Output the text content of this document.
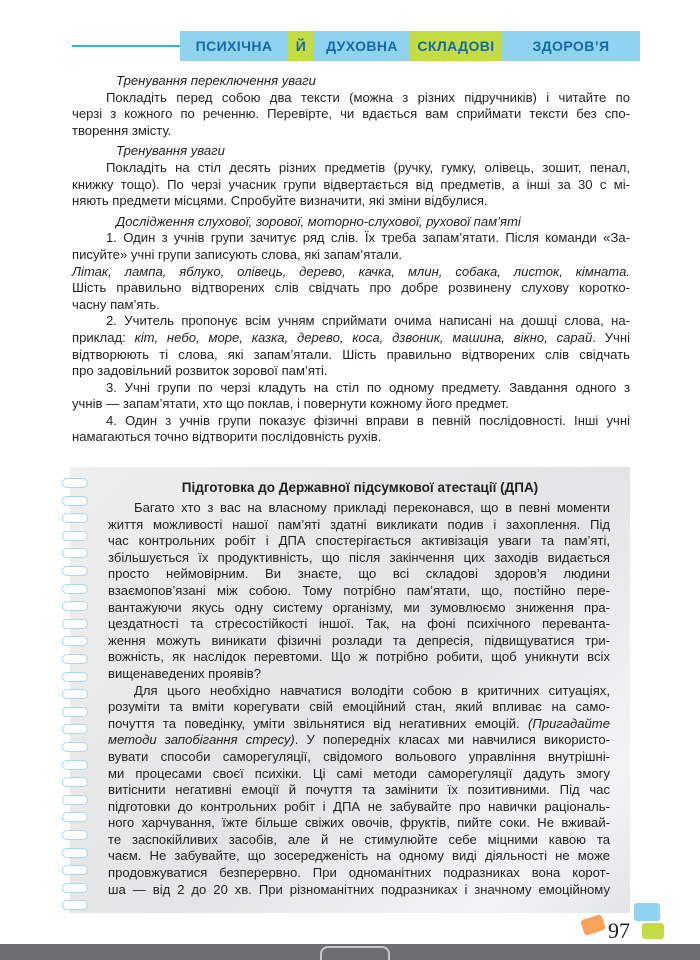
ПСИХІЧНА	Й	ДУХОВНА	СКЛАДОВІ	ЗДОРОВ’Я

Тренування переключення уваги

Покладіть перед собою два тексти (можна з різних підручників) і читайте по
черзі з кожного по реченню. Перевірте, чи вдається вам сприймати тексти без спо-
творення змісту.

Тренування уваги

Покладіть на стіл десять різних предметів (ручку, гумку, олівець, зошит, пенал,
книжку тощо). По черзі учасник групи відвертається від предметів, а інші за 30 с мі-
няють предмети місцями. Спробуйте визначити, які зміни відбулися.

Дослідження слухової, зорової, моторно-слухової, рухової пам’яті

1. Один з учнів групи зачитує ряд слів. Їх треба запам’ятати. Після команди «За-
писуйте» учні групи записують слова, які запам’ятали.
Літак, лампа, яблуко, олівець, дерево, качка, млин, собака, листок, кімната.
Шість правильно відтворених слів свідчать про добре розвинену слухову коротко-
часну пам’ять.

2. Учитель пропонує всім учням сприймати очима написані на дошці слова, на-
приклад: кіт, небо, море, казка, дерево, коса, дзвоник, машина, вікно, сарай. Учні
відтворюють ті слова, які запам’ятали. Шість правильно відтворених слів свідчать
про задовільний розвиток зорової пам’яті.

3. Учні групи по черзі кладуть на стіл по одному предмету. Завдання одного з
учнів — запам’ятати, хто що поклав, і повернути кожному його предмет.

4. Один з учнів групи показує фізичні вправи в певній послідовності. Інші учні
намагаються точно відтворити послідовність рухів.

Підготовка до Державної підсумкової атестації (ДПА)

Багато хто з вас на власному прикладі переконався, що в певні моменти
життя можливості нашої пам’яті здатні викликати подив і захоплення. Під
час контрольних робіт і ДПА спостерігається активізація уваги та пам’яті,
збільшується їх продуктивність, що після закінчення цих заходів видається
просто неймовірним. Ви знаєте, що всі складові здоров’я людини
взаємопов’язані між собою. Тому потрібно пам’ятати, що, постійно пере-
вантажуючи якусь одну систему організму, ми зумовлюємо зниження пра-
цездатності та стресостійкості іншої. Так, на фоні психічного перевантa-
ження можуть виникати фізичні розлади та депресія, підвищуватися три-
вожність, як наслідок перевтоми. Що ж потрібно робити, щоб уникнути всіх
вищенаведених проявів?

Для цього необхідно навчатися володіти собою в критичних ситуаціях,
розуміти та вміти корегувати свій емоційний стан, який впливає на само-
почуття та поведінку, уміти звільнятися від негативних емоцій. (Пригадайте методи запобігання стресу). У попередніх класах ми навчилися використо-
вувати способи саморегуляції, свідомого вольового управління внутрішні-
ми процесами своєї психіки. Ці самі методи саморегуляції дадуть змогу
витіснити негативні емоції й почуття та замінити їх позитивними. Під час
підготовки до контрольних робіт і ДПА не забувайте про навички раціональ-
ного харчування, їжте більше свіжих овочів, фруктів, пийте соки. Не вживай-
те заспокійливих засобів, але й не стимулюйте себе міцними кавою та
чаєм. Не забувайте, що зосередженість на одному виді діяльності не може
продовжуватися безперервно. При одноманітних подразниках вона корот-
ша — від 2 до 20 хв. При різноманітних подразниках і значному емоційному

97
